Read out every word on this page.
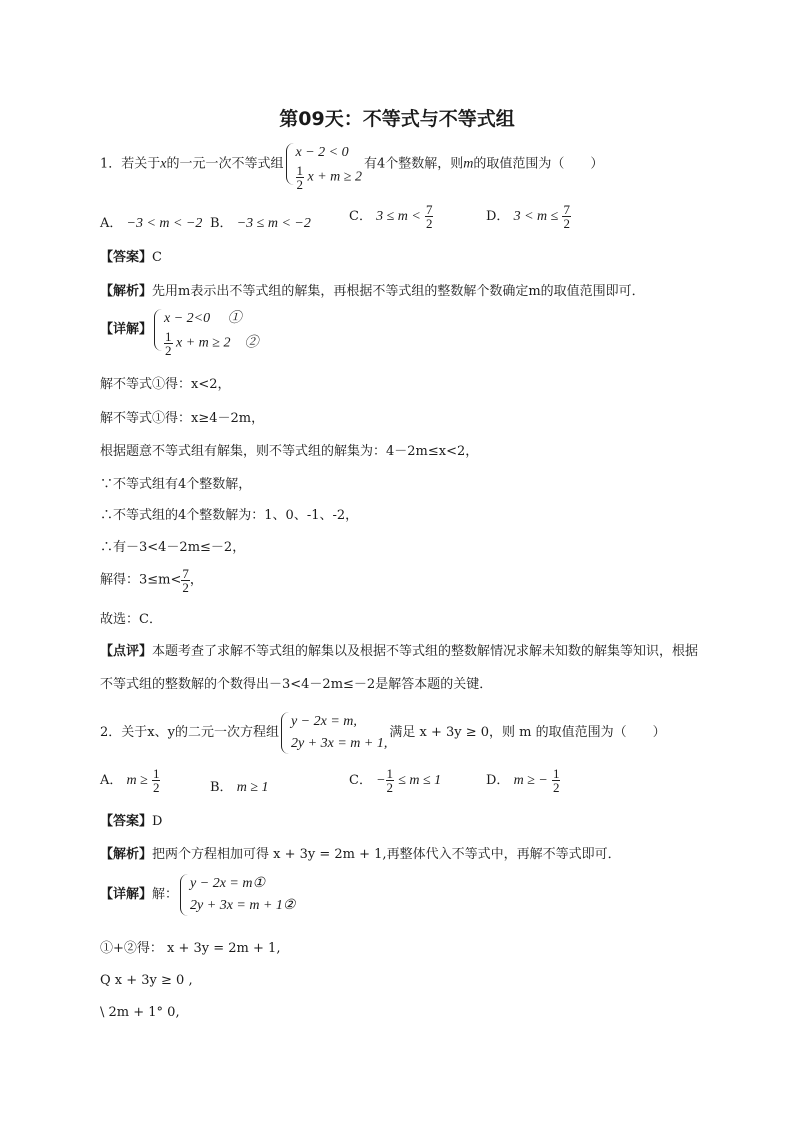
第09天：不等式与不等式组
1．若关于x的一元一次不等式组
x − 2 < 0
$\frac{1}{2}$ x + m ≥ 2
有4个整数解，则m的取值范围为（　　）
A． −3 < m < −2 B． −3 ≤ m < −2	C． $3 \le m < \frac{7}{2}$	D． $3 < m \le \frac{7}{2}$
【答案】C
【解析】先用m表示出不等式组的解集，再根据不等式组的整数解个数确定m的取值范围即可．
【详解】
x − 2<0　 ①
$\frac{1}{2}$ x + m ≥ 2　②
解不等式①得：x<2，
解不等式①得：x≥4－2m，
根据题意不等式组有解集，则不等式组的解集为：4－2m≤x<2，
∵不等式组有4个整数解，
∴不等式组的4个整数解为：1、0、-1、-2，
∴有－3<4－2m≤－2，
解得：$3\le m< \frac{7}{2}$ ，
故选：C．
【点评】本题考查了求解不等式组的解集以及根据不等式组的整数解情况求解未知数的解集等知识，根据
不等式组的整数解的个数得出－3<4－2m≤－2是解答本题的关键．
2．关于x、y的二元一次方程组
y − 2x = m,
2y + 3x = m + 1,
满足 x + 3y ≥ 0，则 m 的取值范围为（　　）
A． $m \ge \frac{1}{2}$	B． m ≥ 1	C． − $\frac{1}{2} \le m \le 1$	D． m ≥ − $\frac{1}{2}$
【答案】D
【解析】把两个方程相加可得 x + 3y = 2m + 1,再整体代入不等式中，再解不等式即可．
【详解】解：
y − 2x = m①
2y + 3x = m + 1②
①+②得： x + 3y = 2m + 1,
Q x + 3y ≥ 0 ,
\ 2m + 1° 0,
